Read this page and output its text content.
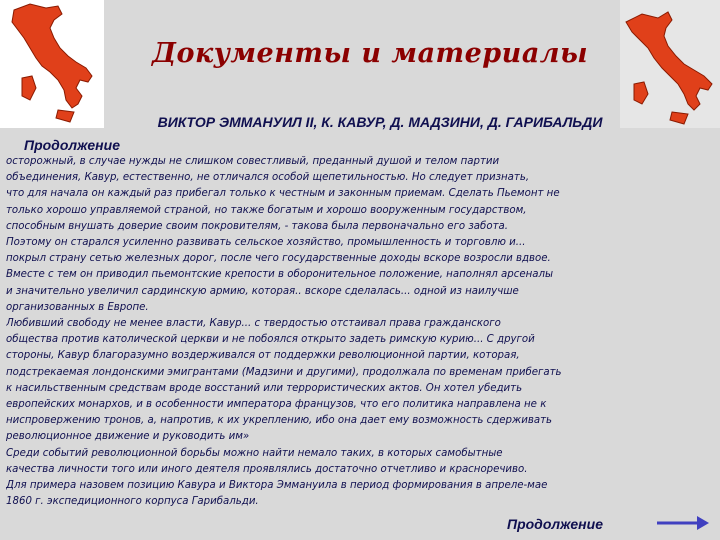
Документы и материалы
ВИКТОР ЭММАНУИЛ II, К. КАВУР, Д. МАДЗИНИ, Д. ГАРИБАЛЬДИ
Продолжение
осторожный, в случае нужды не слишком совестливый, преданный душой и телом партии
объединения, Кавур, естественно, не отличался особой щепетильностью. Но следует признать,
что для начала он каждый раз прибегал только к честным и законным приемам. Сделать Пьемонт не
только хорошо управляемой страной, но также богатым и хорошо вооруженным государством,
способным внушать доверие своим покровителям, - такова была первоначально его забота.
Поэтому он старался усиленно развивать сельское хозяйство, промышленность и торговлю и...
покрыл страну сетью железных дорог, после чего государственные доходы вскоре возросли вдвое.
Вместе с тем он приводил пьемонтские крепости в оборонительное положение, наполнял арсеналы
и значительно увеличил сардинскую армию, которая.. вскоре сделалась... одной из наилучше
организованных в Европе.
Любивший свободу не менее власти, Кавур... с твердостью отстаивал права гражданского
общества против католической церкви и не побоялся открыто задеть римскую курию... С другой
стороны, Кавур благоразумно воздерживался от поддержки революционной партии, которая,
подстрекаемая лондонскими эмигрантами (Мадзини и другими), продолжала по временам прибегать
к насильственным средствам вроде восстаний или террористических актов. Он хотел убедить
европейских монархов, и в особенности императора французов, что его политика направлена не к
ниспровержению тронов, а, напротив, к их укреплению, ибо она дает ему возможность сдерживать
революционное движение и руководить им»
Среди событий революционной борьбы можно найти немало таких, в которых самобытные
качества личности того или иного деятеля проявлялись достаточно отчетливо и красноречиво.
Для примера назовем позицию Кавура и Виктора Эммануила в период формирования в апреле-мае
1860 г. экспедиционного корпуса Гарибальди.
Продолжение
